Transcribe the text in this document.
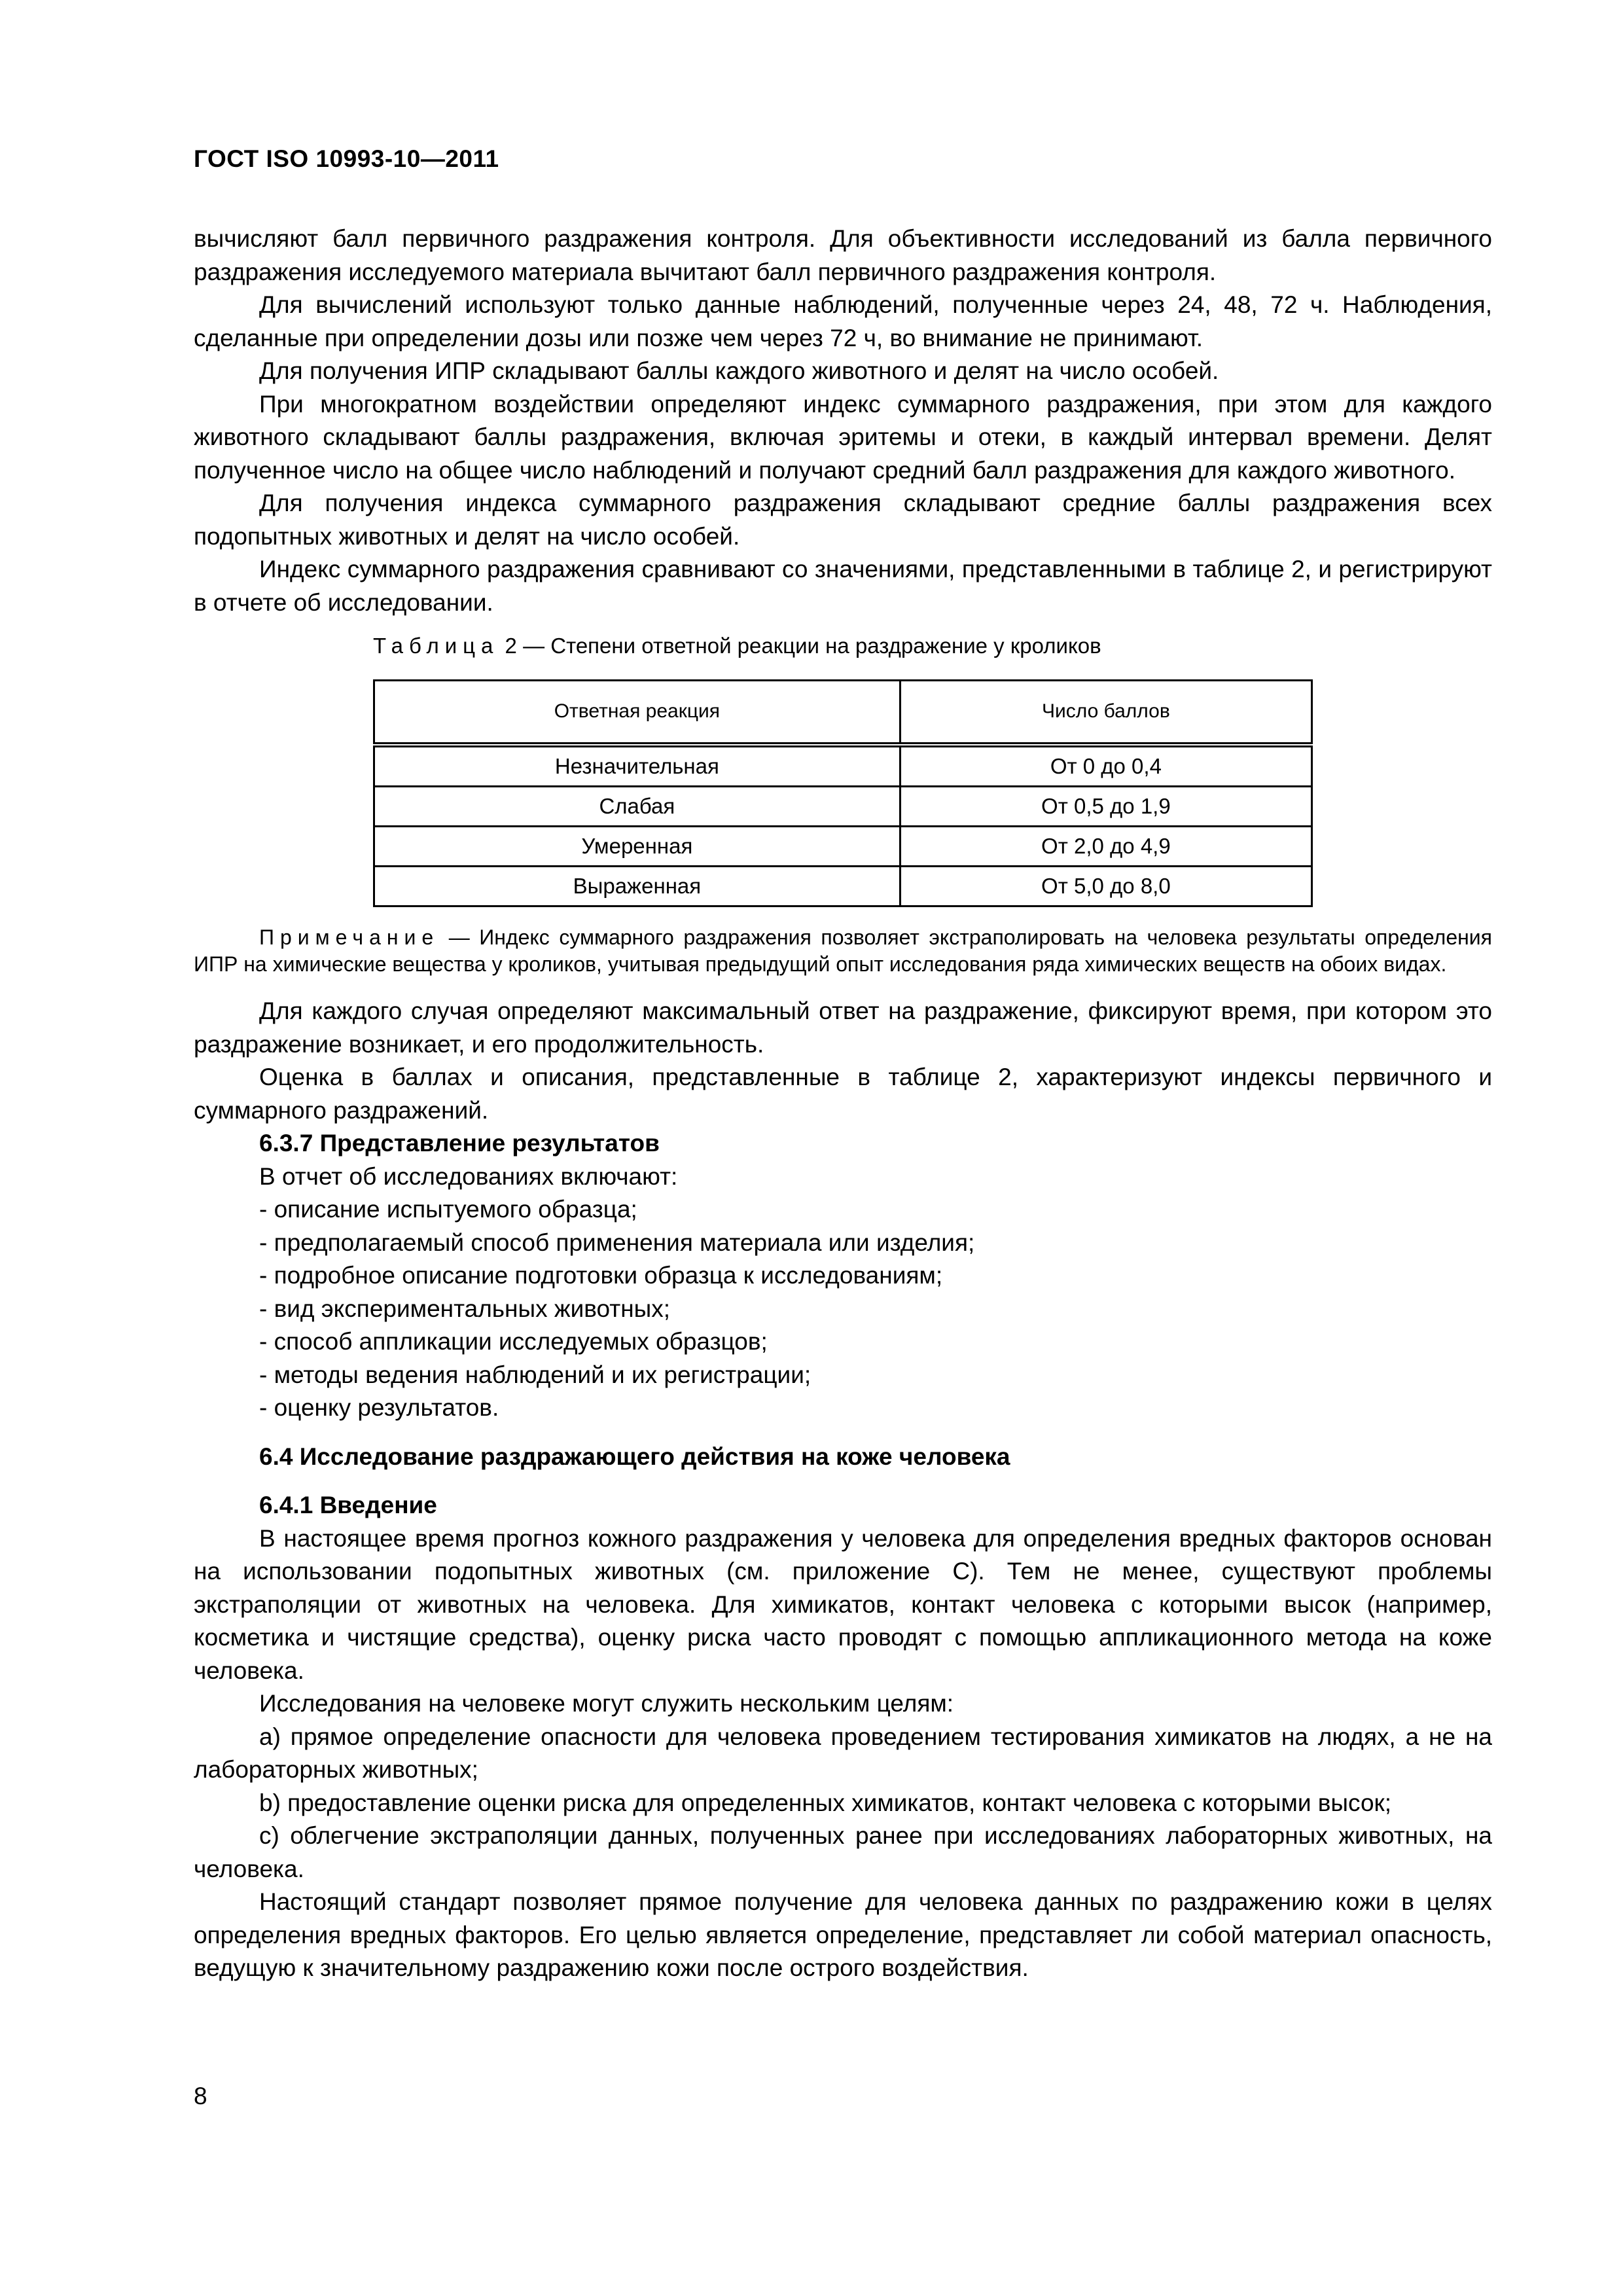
ГОСТ ISO 10993-10—2011

вычисляют балл первичного раздражения контроля. Для объективности исследований из балла первичного раздражения исследуемого материала вычитают балл первичного раздражения контроля.

Для вычислений используют только данные наблюдений, полученные через 24, 48, 72 ч. Наблюдения, сделанные при определении дозы или позже чем через 72 ч, во внимание не принимают.

Для получения ИПР складывают баллы каждого животного и делят на число особей.

При многократном воздействии определяют индекс суммарного раздражения, при этом для каждого животного складывают баллы раздражения, включая эритемы и отеки, в каждый интервал времени. Делят полученное число на общее число наблюдений и получают средний балл раздражения для каждого животного.

Для получения индекса суммарного раздражения складывают средние баллы раздражения всех подопытных животных и делят на число особей.

Индекс суммарного раздражения сравнивают со значениями, представленными в таблице 2, и регистрируют в отчете об исследовании.

Таблица 2 — Степени ответной реакции на раздражение у кроликов
Ответная реакция	Число баллов
Незначительная	От 0 до 0,4
Слабая	От 0,5 до 1,9
Умеренная	От 2,0 до 4,9
Выраженная	От 5,0 до 8,0
Примечание — Индекс суммарного раздражения позволяет экстраполировать на человека результаты определения ИПР на химические вещества у кроликов, учитывая предыдущий опыт исследования ряда химических веществ на обоих видах.

Для каждого случая определяют максимальный ответ на раздражение, фиксируют время, при котором это раздражение возникает, и его продолжительность.

Оценка в баллах и описания, представленные в таблице 2, характеризуют индексы первичного и суммарного раздражений.

6.3.7 Представление результатов

В отчет об исследованиях включают:

- описание испытуемого образца;

- предполагаемый способ применения материала или изделия;

- подробное описание подготовки образца к исследованиям;

- вид экспериментальных животных;

- способ аппликации исследуемых образцов;

- методы ведения наблюдений и их регистрации;

- оценку результатов.

6.4 Исследование раздражающего действия на коже человека

6.4.1 Введение

В настоящее время прогноз кожного раздражения у человека для определения вредных факторов основан на использовании подопытных животных (см. приложение С). Тем не менее, существуют проблемы экстраполяции от животных на человека. Для химикатов, контакт человека с которыми высок (например, косметика и чистящие средства), оценку риска часто проводят с помощью аппликационного метода на коже человека.

Исследования на человеке могут служить нескольким целям:

a) прямое определение опасности для человека проведением тестирования химикатов на людях, а не на лабораторных животных;

b) предоставление оценки риска для определенных химикатов, контакт человека с которыми высок;

c) облегчение экстраполяции данных, полученных ранее при исследованиях лабораторных животных, на человека.

Настоящий стандарт позволяет прямое получение для человека данных по раздражению кожи в целях определения вредных факторов. Его целью является определение, представляет ли собой материал опасность, ведущую к значительному раздражению кожи после острого воздействия.

8
